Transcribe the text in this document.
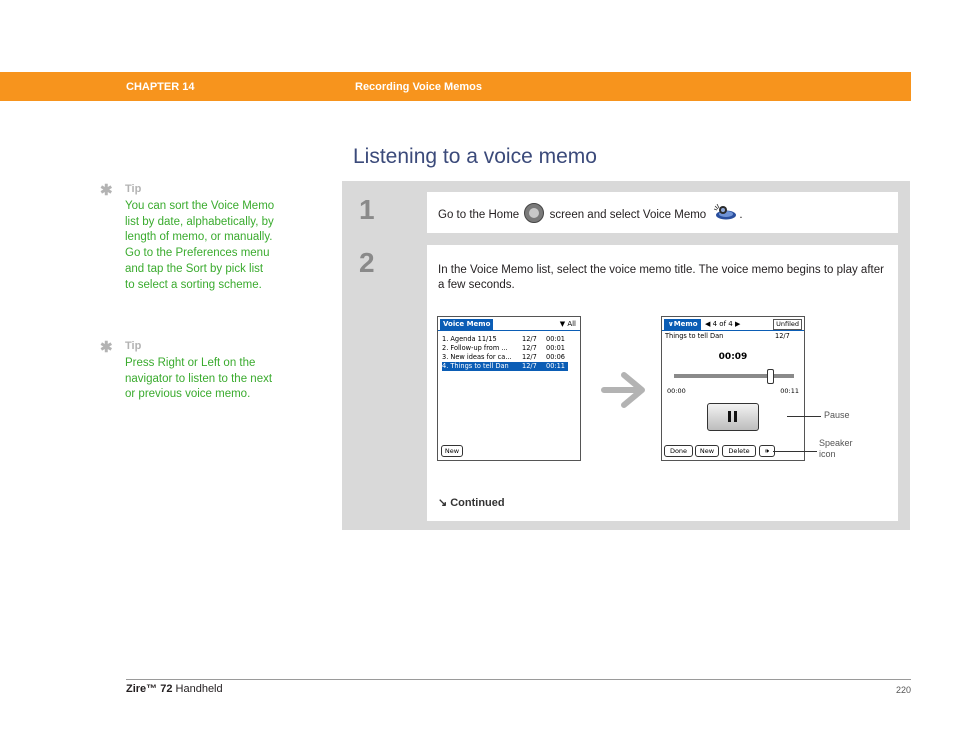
CHAPTER 14	Recording Voice Memos
Listening to a voice memo
✱ Tip
You can sort the Voice Memo list by date, alphabetically, by length of memo, or manually. Go to the Preferences menu and tap the Sort by pick list to select a sorting scheme.
✱ Tip
Press Right or Left on the navigator to listen to the next or previous voice memo.
1	Go to the Home	screen and select Voice Memo	.
2	In the Voice Memo list, select the voice memo title. The voice memo begins to play after a few seconds.
Voice Memo	▼ All
1. Agenda 11/15	12/7 00:01
2. Follow-up from ... 12/7 00:01
3. New ideas for ca... 12/7 00:06
4. Things to tell Dan 12/7 00:11
New
∨Memo	◀ 4 of 4 ▶	Unfiled
Things to tell Dan	12/7
00:09
00:00	00:11
Done	New	Delete	🕪
Pause
Speaker icon
↘ Continued
Zire™ 72 Handheld	220
